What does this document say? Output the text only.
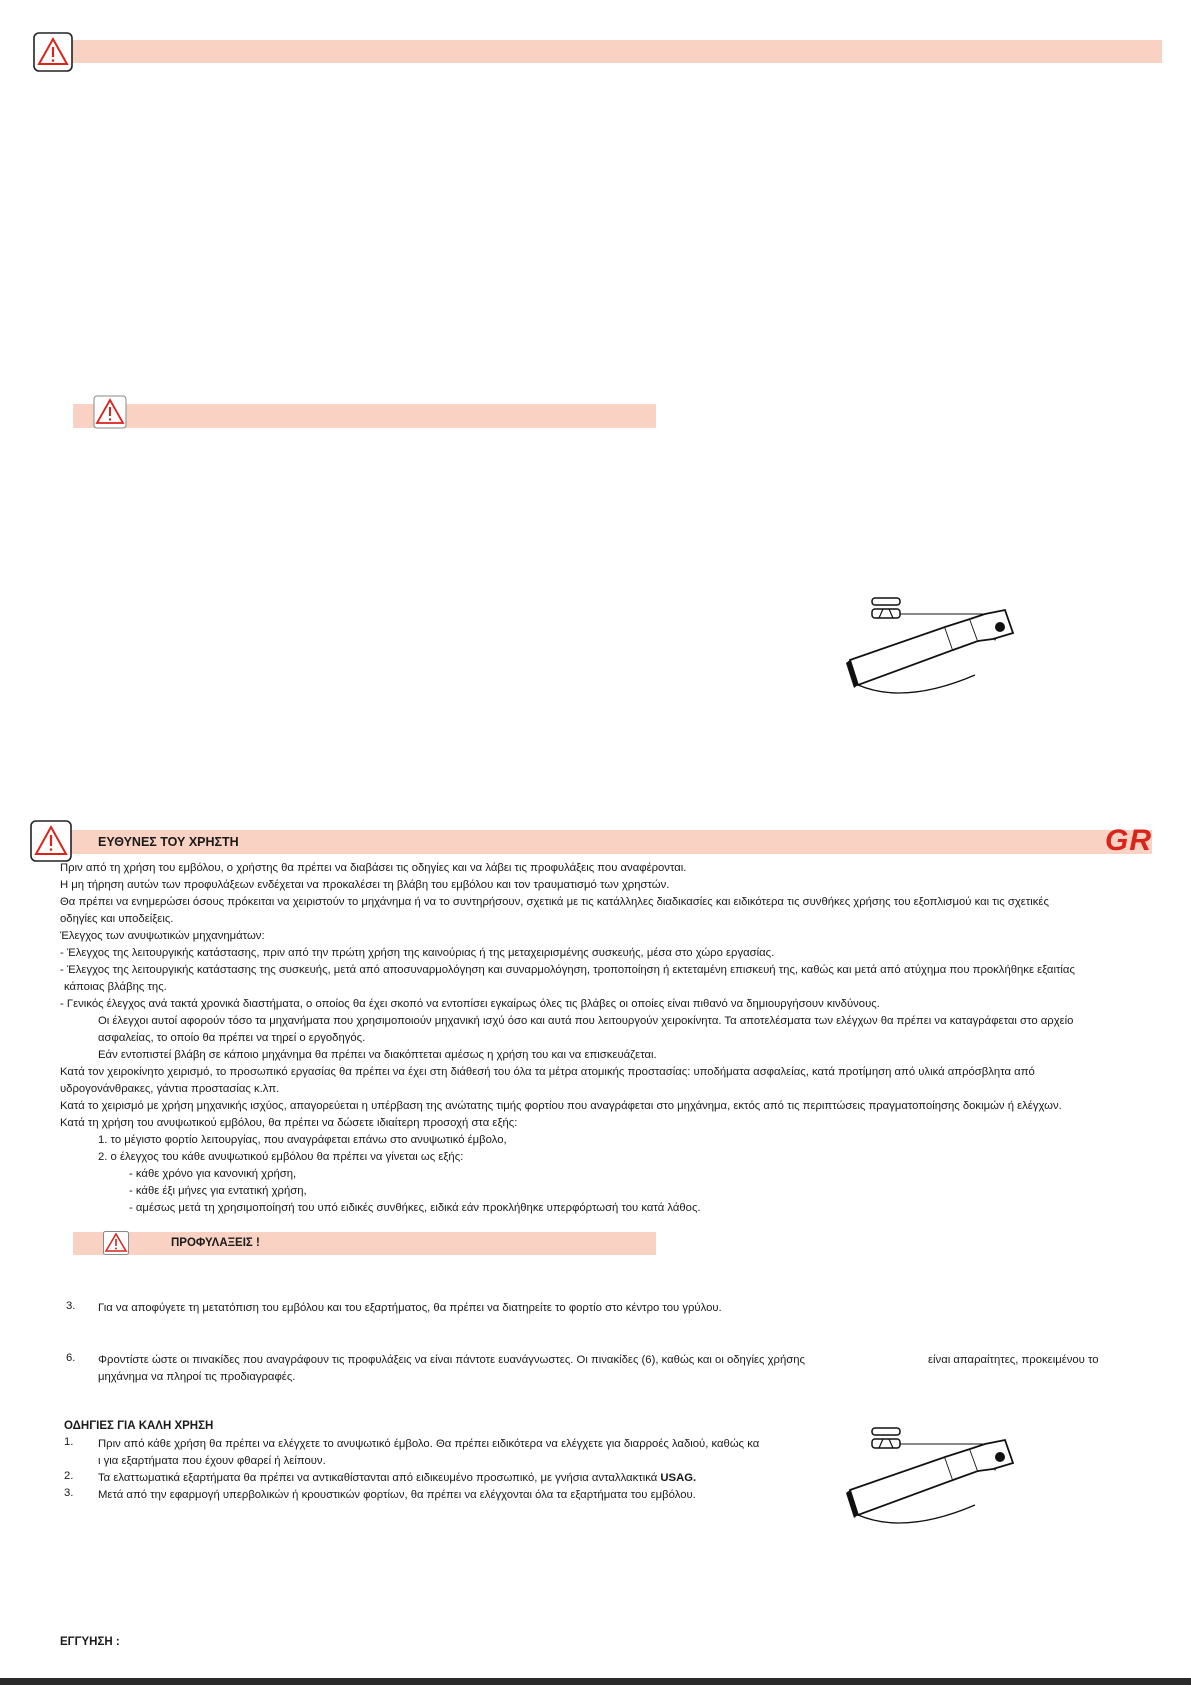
ΕΥΘΥΝΕΣ ΤΟΥ ΧΡΗΣΤΗ	GR
Πριν από τη χρήση του εμβόλου, ο χρήστης θα πρέπει να διαβάσει τις οδηγίες και να λάβει τις προφυλάξεις που αναφέρονται.
Η μη τήρηση αυτών των προφυλάξεων ενδέχεται να προκαλέσει τη βλάβη του εμβόλου και τον τραυματισμό των χρηστών.
Θα πρέπει να ενημερώσει όσους πρόκειται να χειριστούν το μηχάνημα ή να το συντηρήσουν, σχετικά με τις κατάλληλες διαδικασίες και ειδικότερα τις συνθήκες χρήσης του εξοπλισμού και τις σχετικές
οδηγίες και υποδείξεις.
Έλεγχος των ανυψωτικών μηχανημάτων:
- Έλεγχος της λειτουργικής κατάστασης, πριν από την πρώτη χρήση της καινούριας ή της μεταχειρισμένης συσκευής, μέσα στο χώρο εργασίας.
- Έλεγχος της λειτουργικής κατάστασης της συσκευής, μετά από αποσυναρμολόγηση και συναρμολόγηση, τροποποίηση ή εκτεταμένη επισκευή της, καθώς και μετά από ατύχημα που προκλήθηκε εξαιτίας
κάποιας βλάβης της.
- Γενικός έλεγχος ανά τακτά χρονικά διαστήματα, ο οποίος θα έχει σκοπό να εντοπίσει εγκαίρως όλες τις βλάβες οι οποίες είναι πιθανό να δημιουργήσουν κινδύνους.
Οι έλεγχοι αυτοί αφορούν τόσο τα μηχανήματα που χρησιμοποιούν μηχανική ισχύ όσο και αυτά που λειτουργούν χειροκίνητα. Τα αποτελέσματα των ελέγχων θα πρέπει να καταγράφεται στο αρχείο
ασφαλείας, το οποίο θα πρέπει να τηρεί ο εργοδηγός.
Εάν εντοπιστεί βλάβη σε κάποιο μηχάνημα θα πρέπει να διακόπτεται αμέσως η χρήση του και να επισκευάζεται.
Κατά τον χειροκίνητο χειρισμό, το προσωπικό εργασίας θα πρέπει να έχει στη διάθεσή του όλα τα μέτρα ατομικής προστασίας: υποδήματα ασφαλείας, κατά προτίμηση από υλικά απρόσβλητα από
υδρογονάνθρακες, γάντια προστασίας κ.λπ.
Κατά το χειρισμό με χρήση μηχανικής ισχύος, απαγορεύεται η υπέρβαση της ανώτατης τιμής φορτίου που αναγράφεται στο μηχάνημα, εκτός από τις περιπτώσεις πραγματοποίησης δοκιμών ή ελέγχων.
Κατά τη χρήση του ανυψωτικού εμβόλου, θα πρέπει να δώσετε ιδιαίτερη προσοχή στα εξής:
1. το μέγιστο φορτίο λειτουργίας, που αναγράφεται επάνω στο ανυψωτικό έμβολο,
2. ο έλεγχος του κάθε ανυψωτικού εμβόλου θα πρέπει να γίνεται ως εξής:
- κάθε χρόνο για κανονική χρήση,
- κάθε έξι μήνες για εντατική χρήση,
- αμέσως μετά τη χρησιμοποίησή του υπό ειδικές συνθήκες, ειδικά εάν προκλήθηκε υπερφόρτωσή του κατά λάθος.
ΠΡΟΦΥΛΑΞΕΙΣ !
3. Για να αποφύγετε τη μετατόπιση του εμβόλου και του εξαρτήματος, θα πρέπει να διατηρείτε το φορτίο στο κέντρο του γρύλου.
6. Φροντίστε ώστε οι πινακίδες που αναγράφουν τις προφυλάξεις να είναι πάντοτε ευανάγνωστες. Οι πινακίδες (6), καθώς και οι οδηγίες χρήσης	είναι απαραίτητες, προκειμένου το
μηχάνημα να πληροί τις προδιαγραφές.
ΟΔΗΓΙΕΣ ΓΙΑ ΚΑΛΗ ΧΡΗΣΗ
1. Πριν από κάθε χρήση θα πρέπει να ελέγχετε το ανυψωτικό έμβολο. Θα πρέπει ειδικότερα να ελέγχετε για διαρροές λαδιού, καθώς κα
ι για εξαρτήματα που έχουν φθαρεί ή λείπουν.
2. Τα ελαττωματικά εξαρτήματα θα πρέπει να αντικαθίστανται από ειδικευμένο προσωπικό, με γνήσια ανταλλακτικά USAG.
3. Μετά από την εφαρμογή υπερβολικών ή κρουστικών φορτίων, θα πρέπει να ελέγχονται όλα τα εξαρτήματα του εμβόλου.
ΕΓΓΥΗΣΗ :
